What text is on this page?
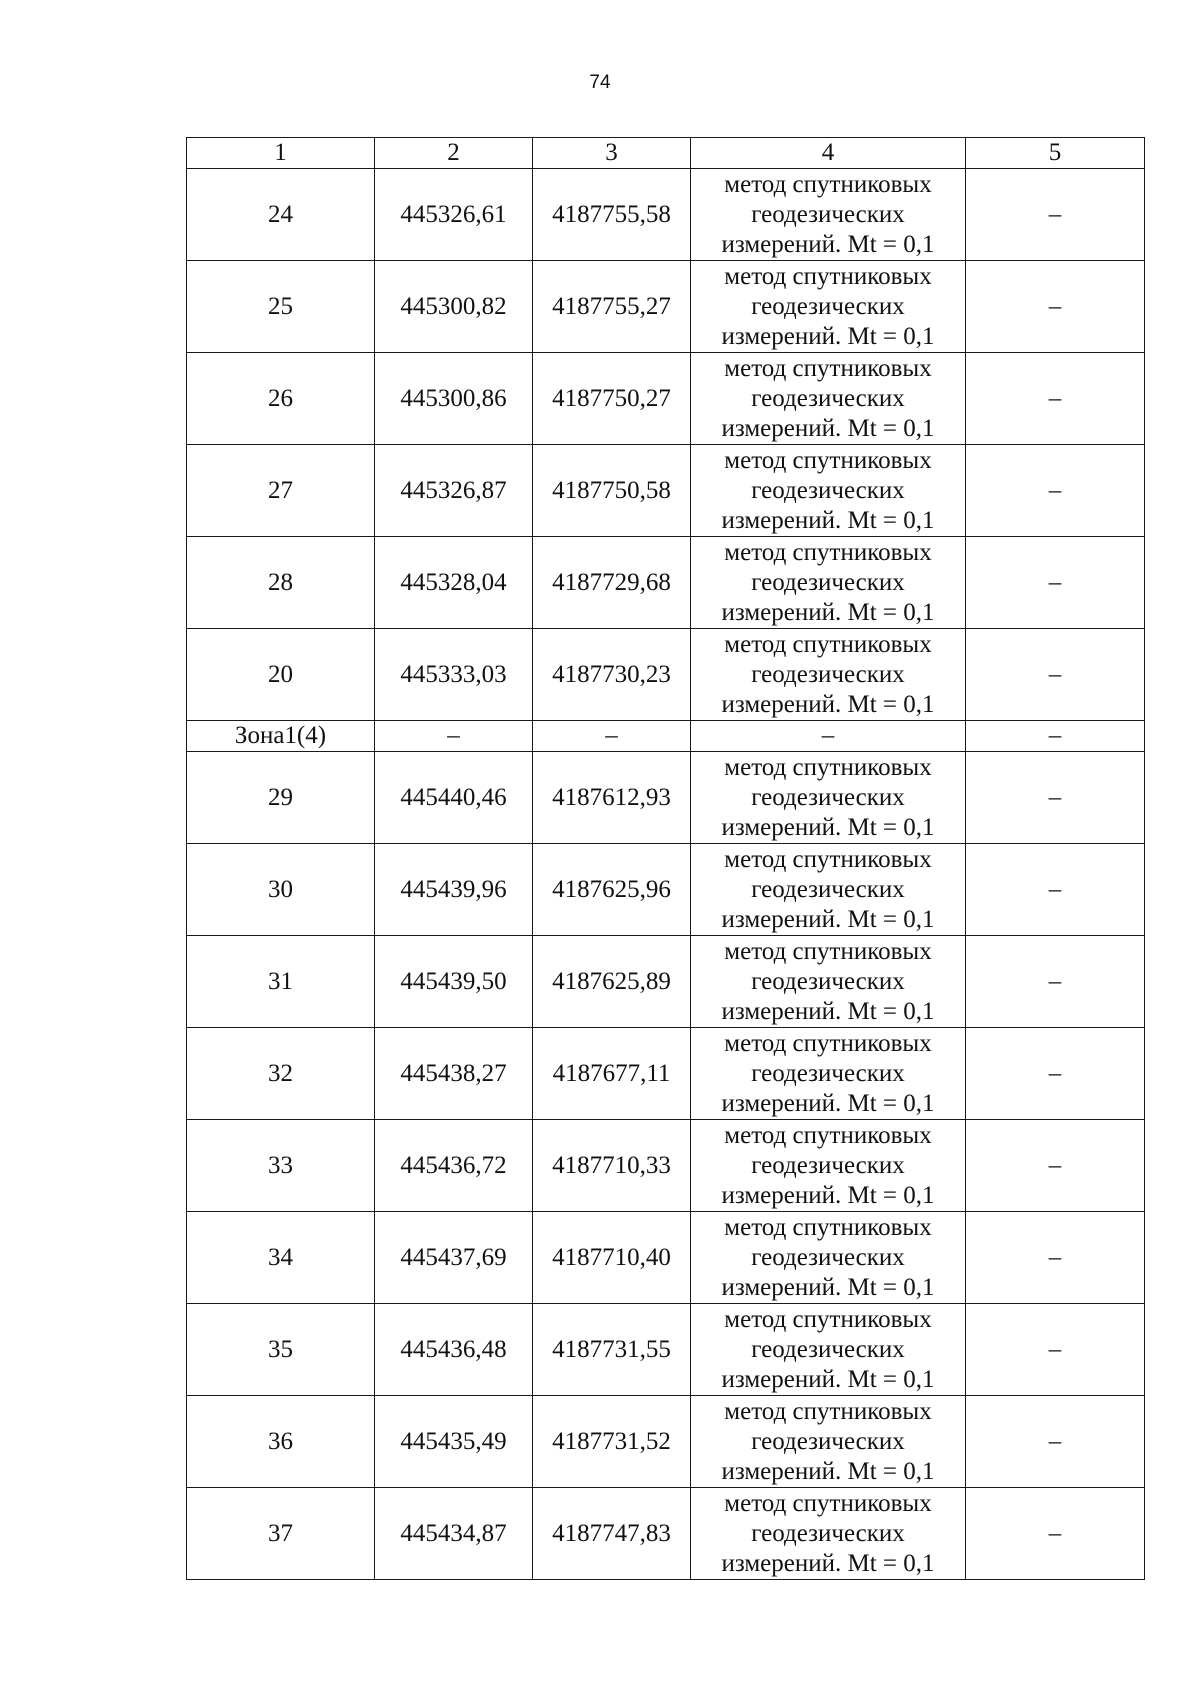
74
1	2	3	4	5
24	445326,61	4187755,58	метод спутниковых
геодезических
измерений. Mt = 0,1	–
25	445300,82	4187755,27	метод спутниковых
геодезических
измерений. Mt = 0,1	–
26	445300,86	4187750,27	метод спутниковых
геодезических
измерений. Mt = 0,1	–
27	445326,87	4187750,58	метод спутниковых
геодезических
измерений. Mt = 0,1	–
28	445328,04	4187729,68	метод спутниковых
геодезических
измерений. Mt = 0,1	–
20	445333,03	4187730,23	метод спутниковых
геодезических
измерений. Mt = 0,1	–
Зона1(4)	–	–	–	–
29	445440,46	4187612,93	метод спутниковых
геодезических
измерений. Mt = 0,1	–
30	445439,96	4187625,96	метод спутниковых
геодезических
измерений. Mt = 0,1	–
31	445439,50	4187625,89	метод спутниковых
геодезических
измерений. Mt = 0,1	–
32	445438,27	4187677,11	метод спутниковых
геодезических
измерений. Mt = 0,1	–
33	445436,72	4187710,33	метод спутниковых
геодезических
измерений. Mt = 0,1	–
34	445437,69	4187710,40	метод спутниковых
геодезических
измерений. Mt = 0,1	–
35	445436,48	4187731,55	метод спутниковых
геодезических
измерений. Mt = 0,1	–
36	445435,49	4187731,52	метод спутниковых
геодезических
измерений. Mt = 0,1	–
37	445434,87	4187747,83	метод спутниковых
геодезических
измерений. Mt = 0,1	–
